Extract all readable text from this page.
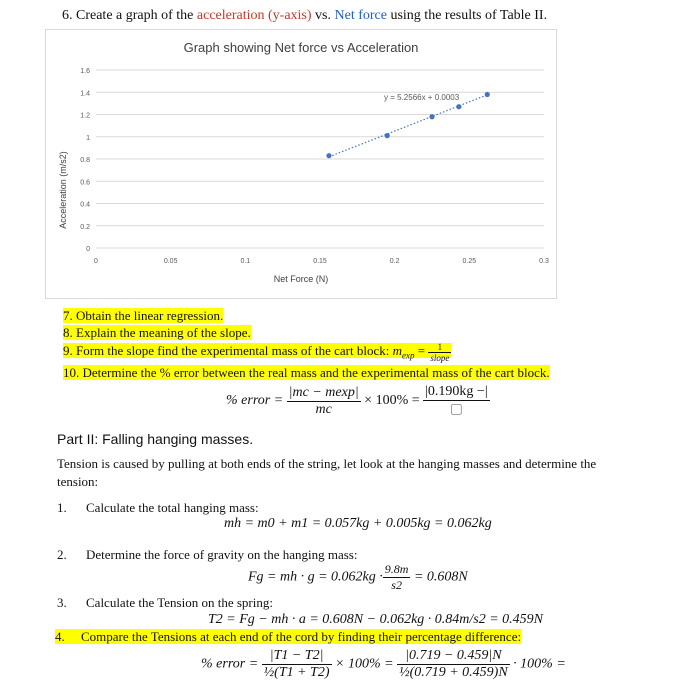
6. Create a graph of the acceleration (y-axis) vs. Net force using the results of Table II.
Graph showing Net force vs Acceleration
Net Force (N)
Acceleration (m/s2)
0
0.2
0.4
0.6
0.8
1
1.2
1.4
1.6
0	0.05	0.1	0.15	0.2	0.25	0.3
y = 5.2566x + 0.0003
7. Obtain the linear regression.
8. Explain the meaning of the slope.
9. Form the slope find the experimental mass of the cart block: $m_{exp} = \frac{1}{\text{slope}}$
10. Determine the % error between the real mass and the experimental mass of the cart block.
% error = $\frac{|mc - mexp|}{mc} \times 100\% = \frac{|0.190kg -|}{▢}$
Part II: Falling hanging masses.
Tension is caused by pulling at both ends of the string, let look at the hanging masses and determine the
tension:
1. Calculate the total hanging mass:
mh = m0 + m1 = 0.057kg + 0.005kg = 0.062kg
2. Determine the force of gravity on the hanging mass:
Fg = mh · $g = 0.062kg \cdot \frac{9.8m}{s2} = 0.608N$
3. Calculate the Tension on the spring:
T2 = Fg − mh · a = 0.608N − 0.062kg · 0.84m/s2 = 0.459N
4. Compare the Tensions at each end of the cord by finding their percentage difference:
% error = $\frac{|T1 - T2|}{\text{½(T1 + T2)}} \times 100\% = \frac{|0.719 - 0.459|N}{\text{½(0.719 + 0.459)N}} \cdot 100\%$ =
